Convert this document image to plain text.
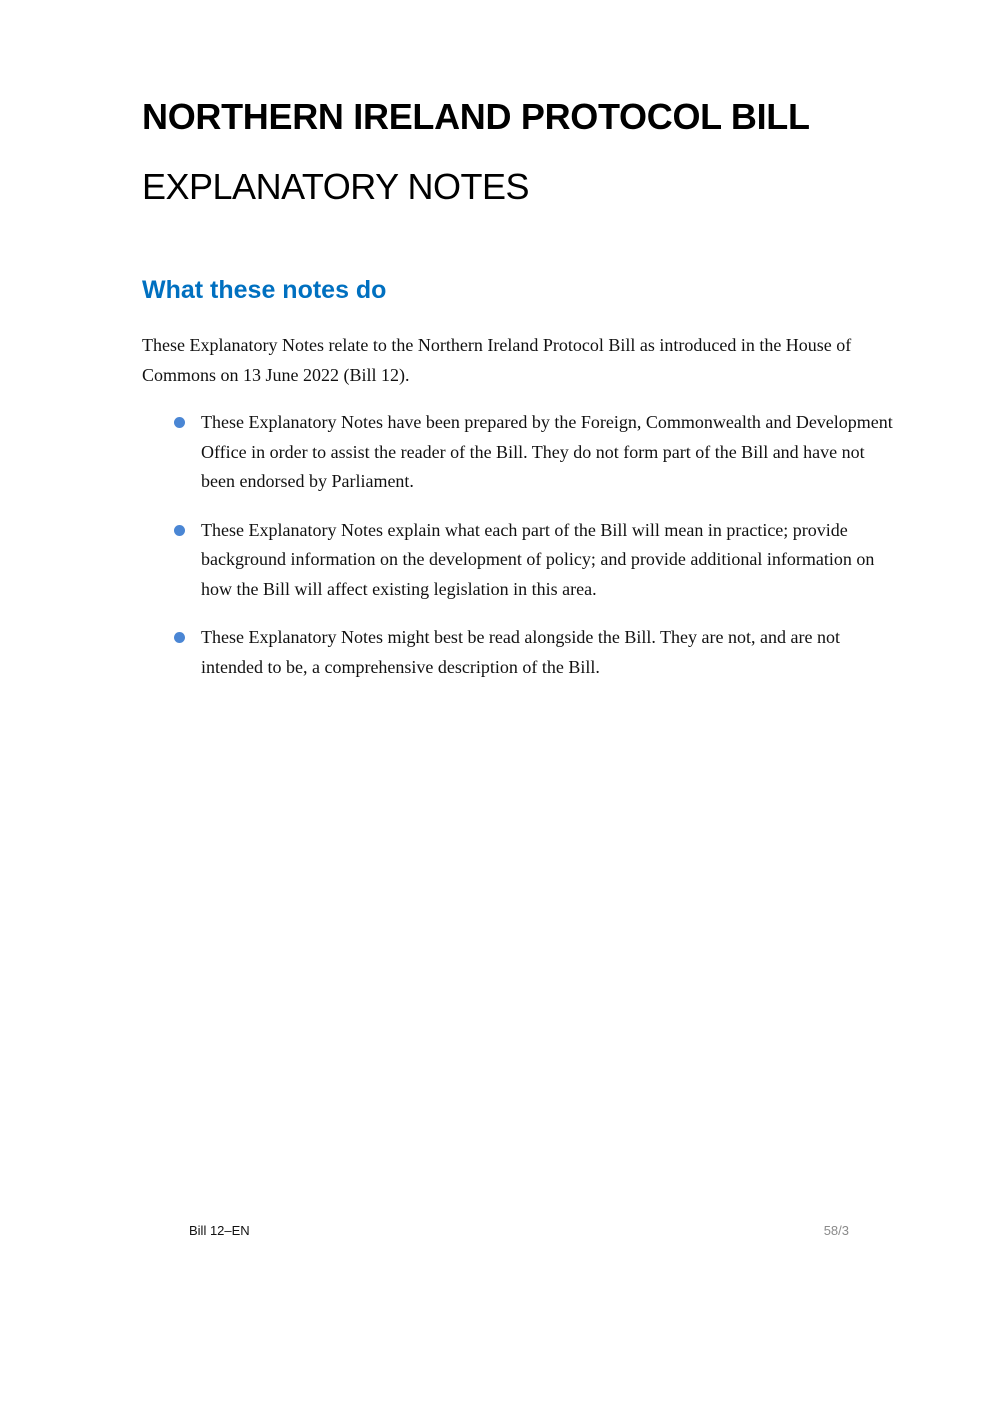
NORTHERN IRELAND PROTOCOL BILL
EXPLANATORY NOTES
What these notes do

These Explanatory Notes relate to the Northern Ireland Protocol Bill as introduced in the House of Commons on 13 June 2022 (Bill 12).

These Explanatory Notes have been prepared by the Foreign, Commonwealth and Development Office in order to assist the reader of the Bill. They do not form part of the Bill and have not been endorsed by Parliament.
These Explanatory Notes explain what each part of the Bill will mean in practice; provide background information on the development of policy; and provide additional information on how the Bill will affect existing legislation in this area.
These Explanatory Notes might best be read alongside the Bill. They are not, and are not intended to be, a comprehensive description of the Bill.
Bill 12–EN	58/3
